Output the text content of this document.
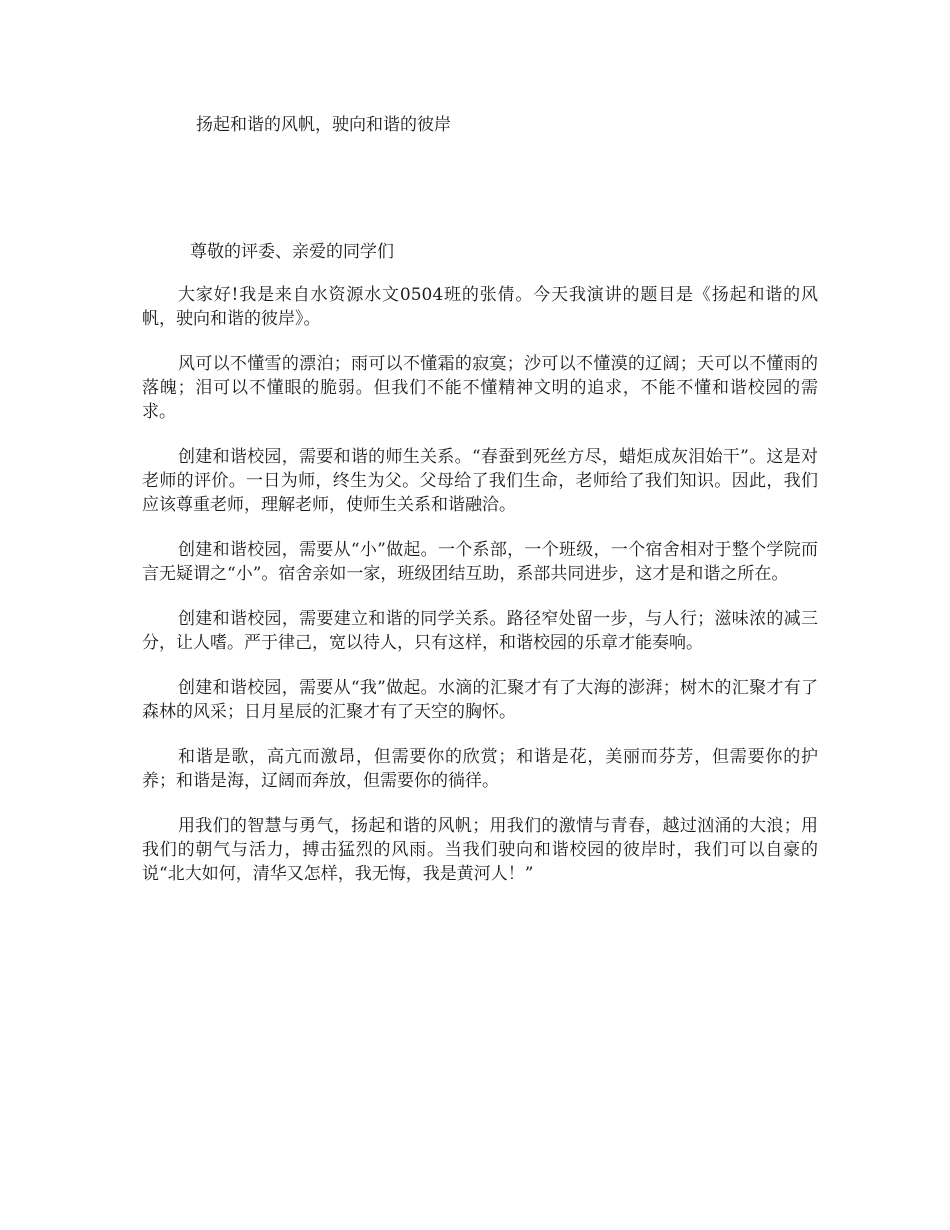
扬起和谐的风帆，驶向和谐的彼岸

尊敬的评委、亲爱的同学们

大家好!我是来自水资源水文0504班的张倩。今天我演讲的题目是《扬起和谐的风帆，驶向和谐的彼岸》。

风可以不懂雪的漂泊；雨可以不懂霜的寂寞；沙可以不懂漠的辽阔；天可以不懂雨的落魄；泪可以不懂眼的脆弱。但我们不能不懂精神文明的追求，不能不懂和谐校园的需求。

创建和谐校园，需要和谐的师生关系。“春蚕到死丝方尽，蜡炬成灰泪始干”。这是对老师的评价。一日为师，终生为父。父母给了我们生命，老师给了我们知识。因此，我们应该尊重老师，理解老师，使师生关系和谐融洽。

创建和谐校园，需要从“小”做起。一个系部，一个班级，一个宿舍相对于整个学院而言无疑谓之“小”。宿舍亲如一家，班级团结互助，系部共同进步，这才是和谐之所在。

创建和谐校园，需要建立和谐的同学关系。路径窄处留一步，与人行；滋味浓的减三分，让人嗜。严于律己，宽以待人，只有这样，和谐校园的乐章才能奏响。

创建和谐校园，需要从“我”做起。水滴的汇聚才有了大海的澎湃；树木的汇聚才有了森林的风采；日月星辰的汇聚才有了天空的胸怀。

和谐是歌，高亢而激昂，但需要你的欣赏；和谐是花，美丽而芬芳，但需要你的护养；和谐是海，辽阔而奔放，但需要你的徜徉。

用我们的智慧与勇气，扬起和谐的风帆；用我们的激情与青春，越过汹涌的大浪；用我们的朝气与活力，搏击猛烈的风雨。当我们驶向和谐校园的彼岸时，我们可以自豪的说“北大如何，清华又怎样，我无悔，我是黄河人！”
